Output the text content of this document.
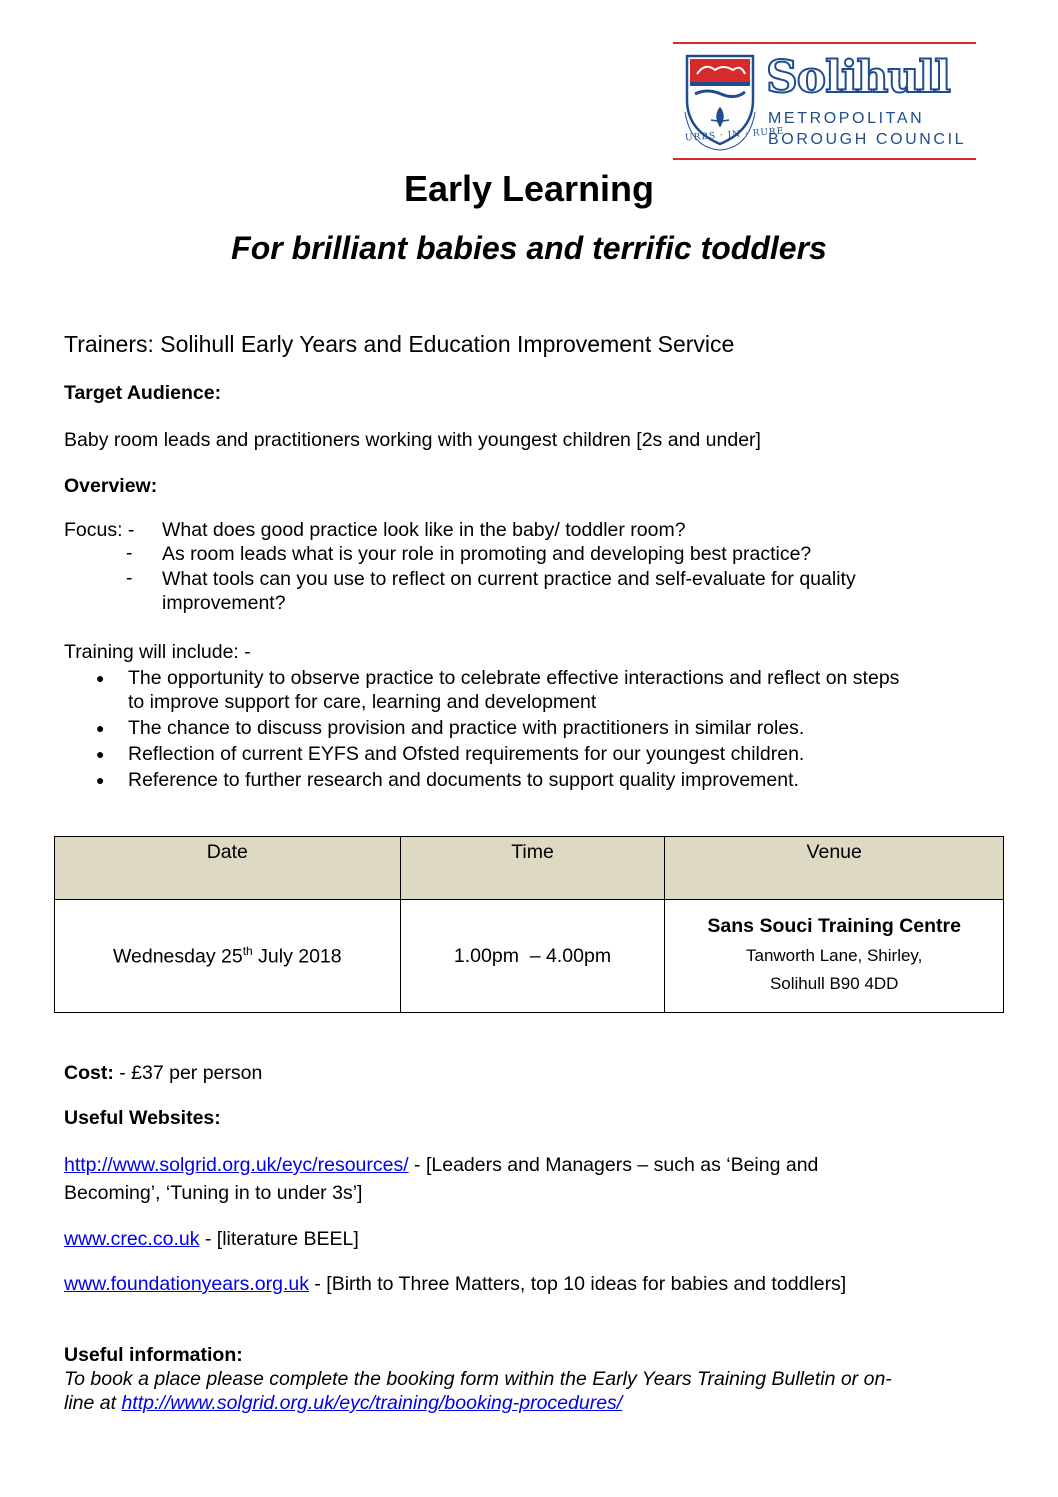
URBS · IN · RURE
Solihull
METROPOLITAN
BOROUGH COUNCIL
Early Learning
For brilliant babies and terrific toddlers
Trainers: Solihull Early Years and Education Improvement Service
Target Audience:
Baby room leads and practitioners working with youngest children [2s and under]
Overview:
Focus: - What does good practice look like in the baby/ toddler room?
- As room leads what is your role in promoting and developing best practice?
- What tools can you use to reflect on current practice and self-evaluate for quality
improvement?
Training will include: -
● The opportunity to observe practice to celebrate effective interactions and reflect on steps
to improve support for care, learning and development
● The chance to discuss provision and practice with practitioners in similar roles.
● Reflection of current EYFS and Ofsted requirements for our youngest children.
● Reference to further research and documents to support quality improvement.
Date	Time	Venue
Wednesday 25th July 2018	1.00pm  – 4.00pm	Sans Souci Training Centre
Tanworth Lane, Shirley,
Solihull B90 4DD
Cost: - £37 per person
Useful Websites:
http://www.solgrid.org.uk/eyc/resources/ - [Leaders and Managers – such as ‘Being and
Becoming’, ‘Tuning in to under 3s’]
www.crec.co.uk - [literature BEEL]
www.foundationyears.org.uk - [Birth to Three Matters, top 10 ideas for babies and toddlers]
Useful information:
To book a place please complete the booking form within the Early Years Training Bulletin or on-
line at http://www.solgrid.org.uk/eyc/training/booking-procedures/
